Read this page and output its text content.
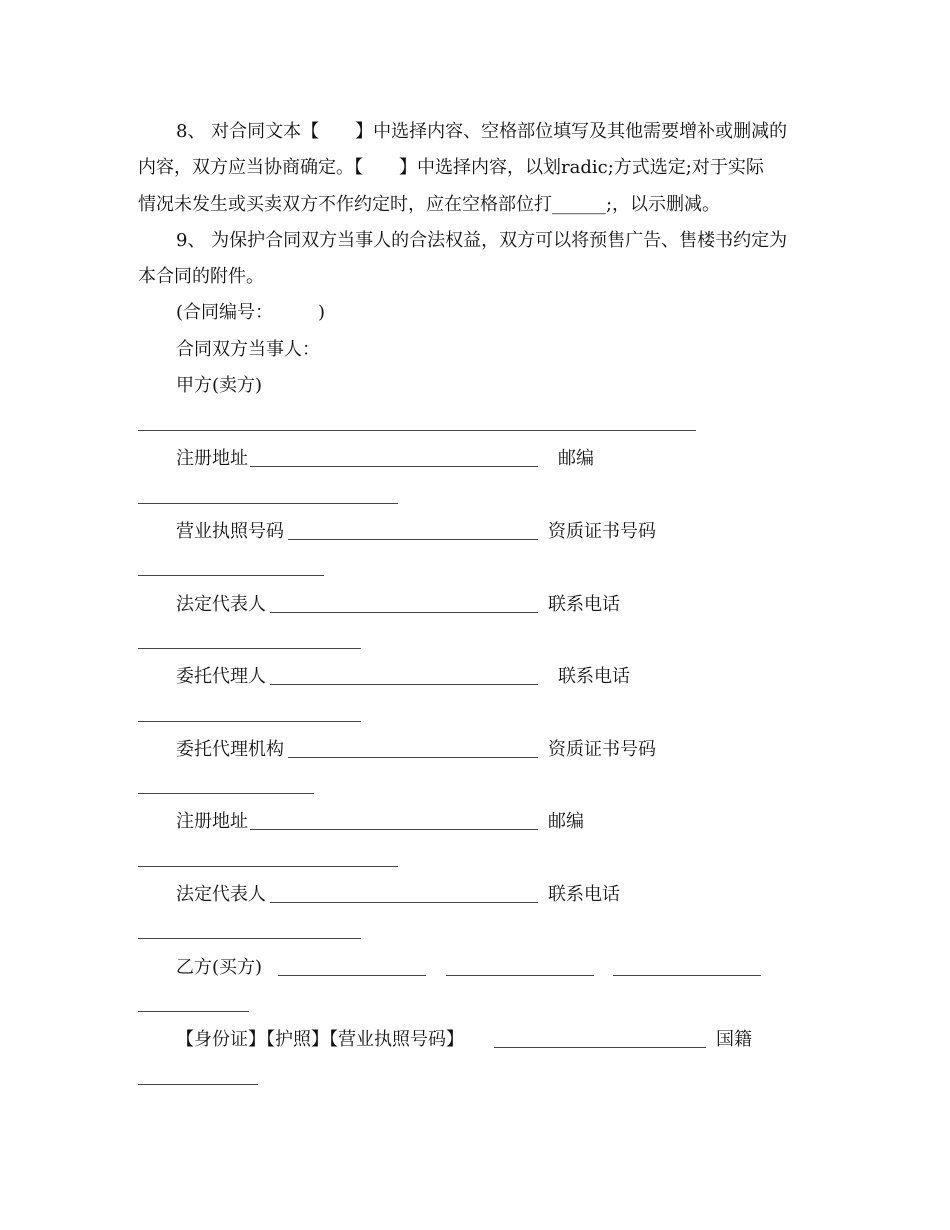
8、 对合同文本【　　】中选择内容、空格部位填写及其他需要增补或删减的
内容，双方应当协商确定。【　　】中选择内容，以划radic;方式选定;对于实际
情况未发生或买卖双方不作约定时，应在空格部位打______;，以示删减。
9、 为保护合同双方当事人的合法权益，双方可以将预售广告、售楼书约定为
本合同的附件。
(合同编号：　　　)
合同双方当事人：
甲方(卖方)
注册地址	邮编
营业执照号码	资质证书号码
法定代表人	联系电话
委托代理人	联系电话
委托代理机构	资质证书号码
注册地址	邮编
法定代表人	联系电话
乙方(买方)
【身份证】【护照】【营业执照号码】	国籍
